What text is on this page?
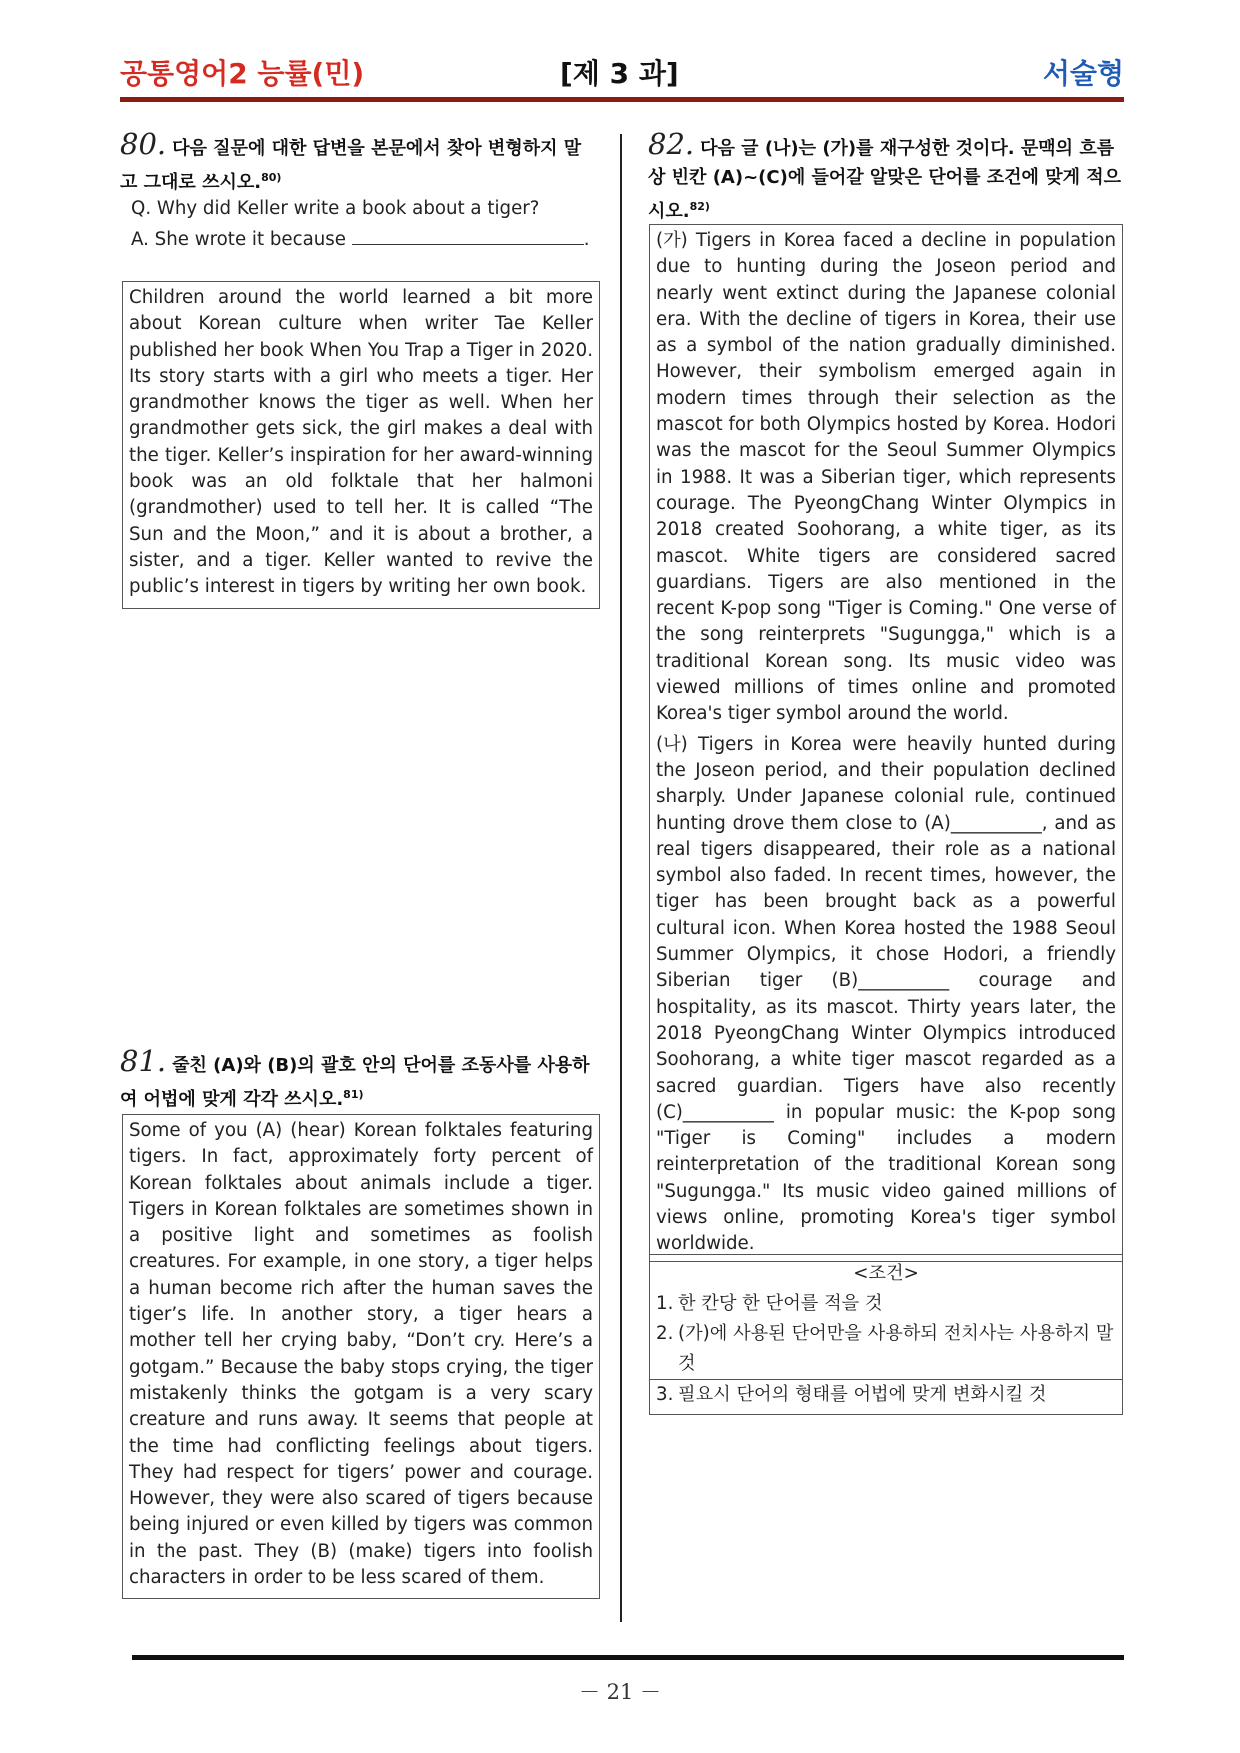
공통영어2 능률(민)	[제 3 과]	서술형
80. 다음 질문에 대한 답변을 본문에서 찾아 변형하지 말고 그대로 쓰시오.$^{80)}$
Q. Why did Keller write a book about a tiger?
A. She wrote it because	.
Children around the world learned a bit more about Korean culture when writer Tae Keller published her book When You Trap a Tiger in 2020. Its story starts with a girl who meets a tiger. Her grandmother knows the tiger as well. When her grandmother gets sick, the girl makes a deal with the tiger. Keller’s inspiration for her award-winning book was an old folktale that her halmoni (grandmother) used to tell her. It is called “The Sun and the Moon,” and it is about a brother, a sister, and a tiger. Keller wanted to revive the public’s interest in tigers by writing her own book.
81. 줄친 (A)와 (B)의 괄호 안의 단어를 조동사를 사용하여 어법에 맞게 각각 쓰시오.$^{81)}$
Some of you (A) (hear) Korean folktales featuring tigers. In fact, approximately forty percent of Korean folktales about animals include a tiger. Tigers in Korean folktales are sometimes shown in a positive light and sometimes as foolish creatures. For example, in one story, a tiger helps a human become rich after the human saves the tiger’s life. In another story, a tiger hears a mother tell her crying baby, “Don’t cry. Here’s a gotgam.” Because the baby stops crying, the tiger mistakenly thinks the gotgam is a very scary creature and runs away. It seems that people at the time had conflicting feelings about tigers. They had respect for tigers’ power and courage. However, they were also scared of tigers because being injured or even killed by tigers was common in the past. They (B) (make) tigers into foolish characters in order to be less scared of them.
82. 다음 글 (나)는 (가)를 재구성한 것이다. 문맥의 흐름상 빈칸 (A)~(C)에 들어갈 알맞은 단어를 조건에 맞게 적으시오.$^{82)}$
(가) Tigers in Korea faced a decline in population due to hunting during the Joseon period and nearly went extinct during the Japanese colonial era. With the decline of tigers in Korea, their use as a symbol of the nation gradually diminished. However, their symbolism emerged again in modern times through their selection as the mascot for both Olympics hosted by Korea. Hodori was the mascot for the Seoul Summer Olympics in 1988. It was a Siberian tiger, which represents courage. The PyeongChang Winter Olympics in 2018 created Soohorang, a white tiger, as its mascot. White tigers are considered sacred guardians. Tigers are also mentioned in the recent K-pop song "Tiger is Coming." One verse of the song reinterprets "Sugungga," which is a traditional Korean song. Its music video was viewed millions of times online and promoted Korea's tiger symbol around the world.
(나) Tigers in Korea were heavily hunted during the Joseon period, and their population declined sharply. Under Japanese colonial rule, continued hunting drove them close to (A)__________, and as real tigers disappeared, their role as a national symbol also faded. In recent times, however, the tiger has been brought back as a powerful cultural icon. When Korea hosted the 1988 Seoul Summer Olympics, it chose Hodori, a friendly Siberian tiger (B)__________ courage and hospitality, as its mascot. Thirty years later, the 2018 PyeongChang Winter Olympics introduced Soohorang, a white tiger mascot regarded as a sacred guardian. Tigers have also recently (C)__________ in popular music: the K-pop song "Tiger is Coming" includes a modern reinterpretation of the traditional Korean song "Sugungga." Its music video gained millions of views online, promoting Korea's tiger symbol worldwide.
<조건>
1. 한 칸당 한 단어를 적을 것
2. (가)에 사용된 단어만을 사용하되 전치사는 사용하지 말 것
3. 필요시 단어의 형태를 어법에 맞게 변화시킬 것
－ 21 －
